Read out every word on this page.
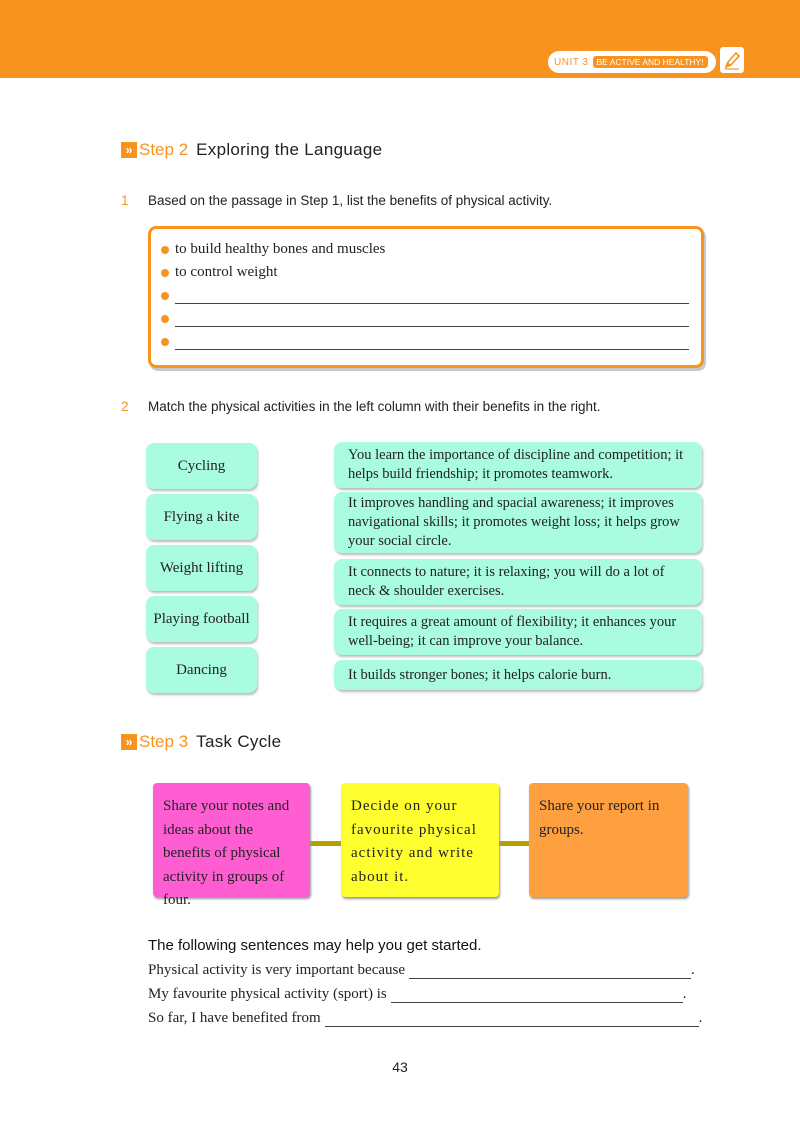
UNIT 3 BE ACTIVE AND HEALTHY!
» Step 2 Exploring the Language
1 Based on the passage in Step 1, list the benefits of physical activity.
to build healthy bones and muscles
to control weight
2 Match the physical activities in the left column with their benefits in the right.
Cycling
Flying a kite
Weight lifting
Playing football
Dancing
You learn the importance of discipline and competition; it helps build friendship; it promotes teamwork.
It improves handling and spacial awareness; it improves navigational skills; it promotes weight loss; it helps grow your social circle.
It connects to nature; it is relaxing; you will do a lot of neck & shoulder exercises.
It requires a great amount of flexibility; it enhances your well-being; it can improve your balance.
It builds stronger bones; it helps calorie burn.
» Step 3 Task Cycle
Share your notes and ideas about the benefits of physical activity in groups of four.
Decide on your favourite physical activity and write about it.
Share your report in groups.
The following sentences may help you get started.
Physical activity is very important because	.
My favourite physical activity (sport) is	.
So far, I have benefited from	.
43
